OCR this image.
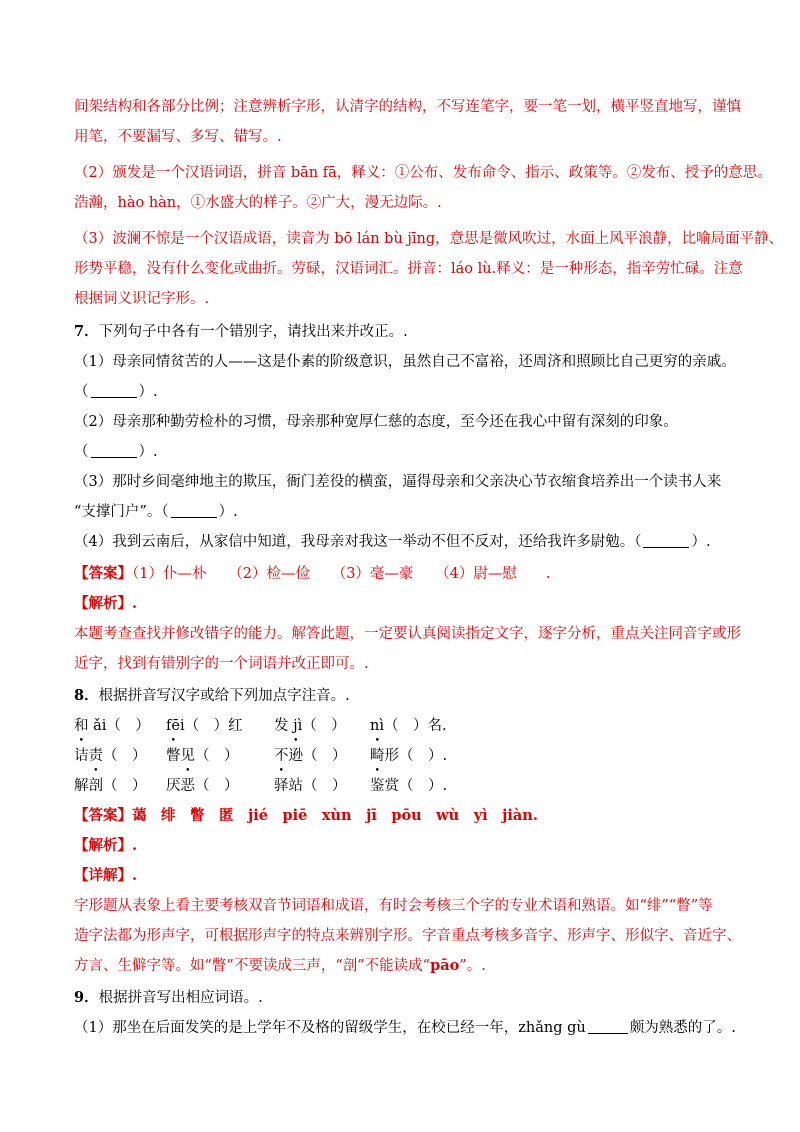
间架结构和各部分比例；注意辨析字形，认清字的结构，不写连笔字，要一笔一划，横平竖直地写，谨慎
用笔，不要漏写、多写、错写。.
（2）颁发是一个汉语词语，拼音 bān fā，释义：①公布、发布命令、指示、政策等。②发布、授予的意思。
浩瀚，hào hàn，①水盛大的样子。②广大，漫无边际。.
（3）波澜不惊是一个汉语成语，读音为 bō lán bù jīng，意思是微风吹过，水面上风平浪静，比喻局面平静、
形势平稳，没有什么变化或曲折。劳碌，汉语词汇。拼音：láo lù.释义：是一种形态，指辛劳忙碌。注意
根据词义识记字形。.
7．下列句子中各有一个错别字，请找出来并改正。.
（1）母亲同情贫苦的人——这是仆素的阶级意识，虽然自己不富裕，还周济和照顾比自己更穷的亲戚。
（	）.
（2）母亲那种勤劳检朴的习惯，母亲那种宽厚仁慈的态度，至今还在我心中留有深刻的印象。
（	）.
（3）那时乡间毫绅地主的欺压，衙门差役的横蛮，逼得母亲和父亲决心节衣缩食培养出一个读书人来
“支撑门户”。（	）.
（4）我到云南后，从家信中知道，我母亲对我这一举动不但不反对，还给我许多尉勉。（	）.
【答案】（1）仆—朴　　（2）检—俭　　（3）毫—豪　　（4）尉—慰　　.
【解析】.
本题考查查找并修改错字的能力。解答此题，一定要认真阅读指定文字，逐字分析，重点关注同音字或形
近字，找到有错别字的一个词语并改正即可。.
8．根据拼音写汉字或给下列加点字注音。.
和 ǎi（　） fēi（　）红 发 jì（　） nì（　）名.
诘责（　） 瞥见（　） 不逊（　） 畸形（　）.
解剖（　） 厌恶（　） 驿站（　） 鉴赏（　）.
【答案】蔼　绯　瞥　匿　jié　piē　xùn　jī　pōu　wù　yì　jiàn.
【解析】.
【详解】.
字形题从表象上看主要考核双音节词语和成语，有时会考核三个字的专业术语和熟语。如“绯”“瞥”等
造字法都为形声字，可根据形声字的特点来辨别字形。字音重点考核多音字、形声字、形似字、音近字、
方言、生僻字等。如“瞥”不要读成三声，“剖”不能读成“pāo”。.
9．根据拼音写出相应词语。.
（1）那坐在后面发笑的是上学年不及格的留级学生，在校已经一年，zhǎng gù	颇为熟悉的了。.
